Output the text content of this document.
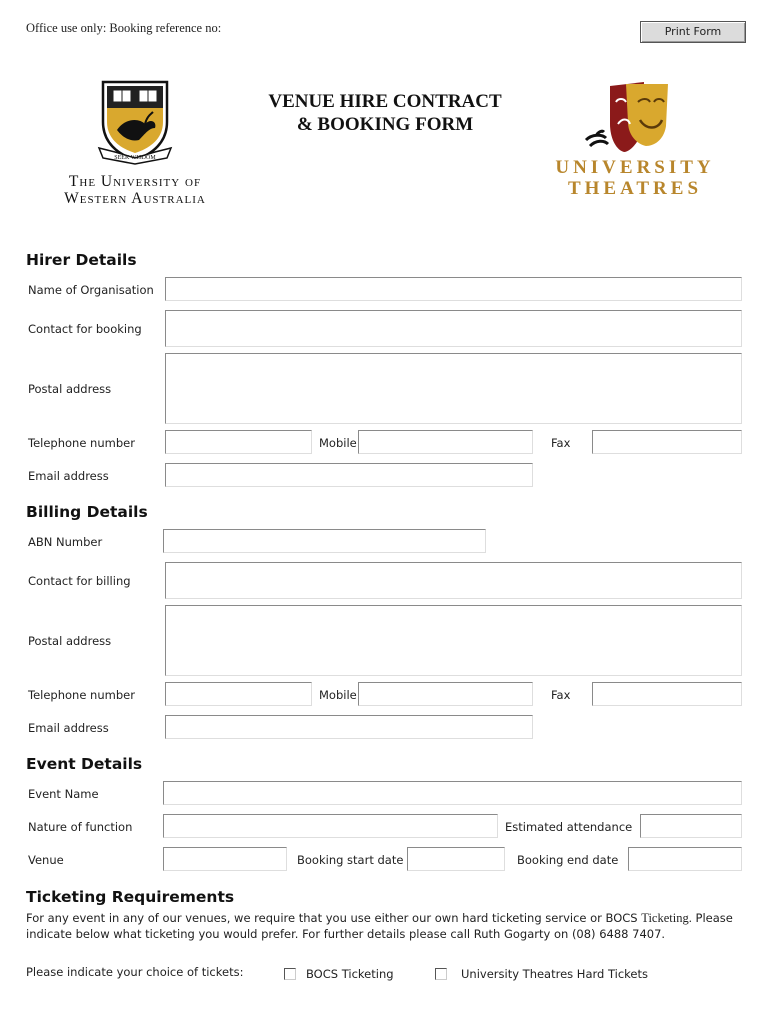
Office use only: Booking reference no:	Print Form
SEEK WISDOM
The University of
Western Australia
VENUE HIRE CONTRACT
& BOOKING FORM
UNIVERSITY
THEATRES
Hirer Details
Name of Organisation
Contact for booking
Postal address
Telephone number	Mobile	Fax
Email address
Billing Details
ABN Number
Contact for billing
Postal address
Telephone number	Mobile	Fax
Email address
Event Details
Event Name
Nature of function	Estimated attendance
Venue	Booking start date	Booking end date
Ticketing Requirements
For any event in any of our venues, we require that you use either our own hard ticketing service or BOCS Ticketing. Please indicate below what ticketing you would prefer. For further details please call Ruth Gogarty on (08) 6488 7407.
Please indicate your choice of tickets:	BOCS Ticketing	University Theatres Hard Tickets
